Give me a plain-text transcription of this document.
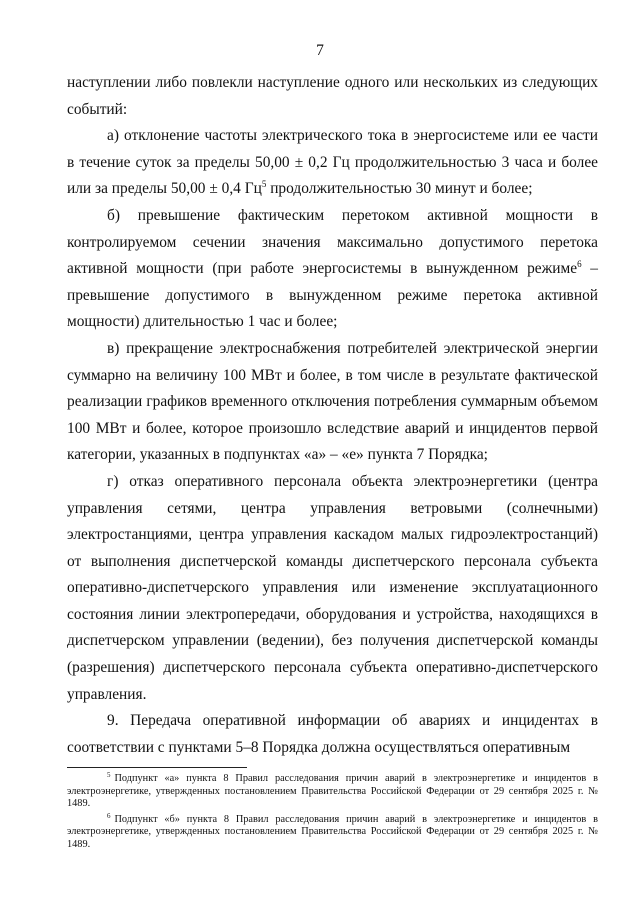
7

наступлении либо повлекли наступление одного или нескольких из следующих событий:

а) отклонение частоты электрического тока в энергосистеме или ее части в течение суток за пределы 50,00 ± 0,2 Гц продолжительностью 3 часа и более или за пределы 50,00 ± 0,4 $Гц^5$ продолжительностью 30 минут и более;

б) превышение фактическим перетоком активной мощности в контролируемом сечении значения максимально допустимого перетока активной мощности (при работе энергосистемы в вынужденном режиме$^6$ – превышение допустимого в вынужденном режиме перетока активной мощности) длительностью 1 час и более;

в) прекращение электроснабжения потребителей электрической энергии суммарно на величину 100 МВт и более, в том числе в результате фактической реализации графиков временного отключения потребления суммарным объемом 100 МВт и более, которое произошло вследствие аварий и инцидентов первой категории, указанных в подпунктах «а» – «е» пункта 7 Порядка;

г) отказ оперативного персонала объекта электроэнергетики (центра управления сетями, центра управления ветровыми (солнечными) электростанциями, центра управления каскадом малых гидроэлектростанций) от выполнения диспетчерской команды диспетчерского персонала субъекта оперативно-диспетчерского управления или изменение эксплуатационного состояния линии электропередачи, оборудования и устройства, находящихся в диспетчерском управлении (ведении), без получения диспетчерской команды (разрешения) диспетчерского персонала субъекта оперативно-диспетчерского управления.

9. Передача оперативной информации об авариях и инцидентах в соответствии с пунктами 5–8 Порядка должна осуществляться оперативным

$^5$ Подпункт «а» пункта 8 Правил расследования причин аварий в электроэнергетике и инцидентов в электроэнергетике, утвержденных постановлением Правительства Российской Федерации от 29 сентября 2025 г. № 1489.

$^6$ Подпункт «б» пункта 8 Правил расследования причин аварий в электроэнергетике и инцидентов в электроэнергетике, утвержденных постановлением Правительства Российской Федерации от 29 сентября 2025 г. № 1489.
